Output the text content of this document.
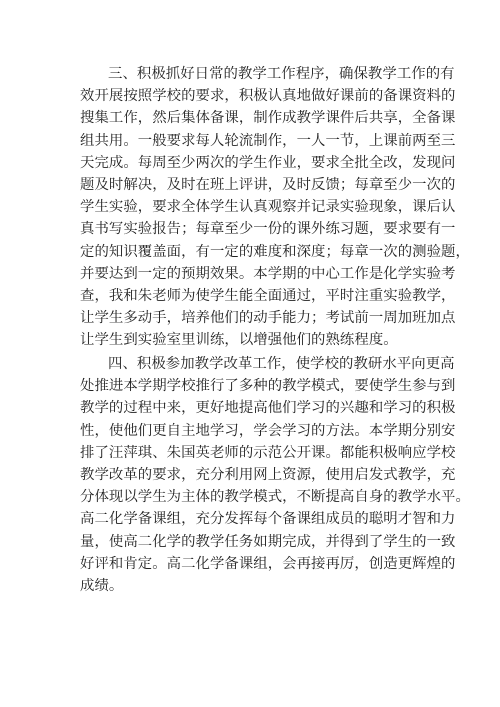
三、积极抓好日常的教学工作程序，确保教学工作的有
效开展按照学校的要求，积极认真地做好课前的备课资料的
搜集工作，然后集体备课，制作成教学课件后共享，全备课
组共用。一般要求每人轮流制作，一人一节，上课前两至三
天完成。每周至少两次的学生作业，要求全批全改，发现问
题及时解决，及时在班上评讲，及时反馈；每章至少一次的
学生实验，要求全体学生认真观察并记录实验现象，课后认
真书写实验报告；每章至少一份的课外练习题，要求要有一
定的知识覆盖面，有一定的难度和深度；每章一次的测验题，
并要达到一定的预期效果。本学期的中心工作是化学实验考
查，我和朱老师为使学生能全面通过，平时注重实验教学，
让学生多动手，培养他们的动手能力；考试前一周加班加点
让学生到实验室里训练，以增强他们的熟练程度。
四、积极参加教学改革工作，使学校的教研水平向更高
处推进本学期学校推行了多种的教学模式，要使学生参与到
教学的过程中来，更好地提高他们学习的兴趣和学习的积极
性，使他们更自主地学习，学会学习的方法。本学期分别安
排了汪萍琪、朱国英老师的示范公开课。都能积极响应学校
教学改革的要求，充分利用网上资源，使用启发式教学，充
分体现以学生为主体的教学模式，不断提高自身的教学水平。
高二化学备课组，充分发挥每个备课组成员的聪明才智和力
量，使高二化学的教学任务如期完成，并得到了学生的一致
好评和肯定。高二化学备课组，会再接再厉，创造更辉煌的
成绩。
